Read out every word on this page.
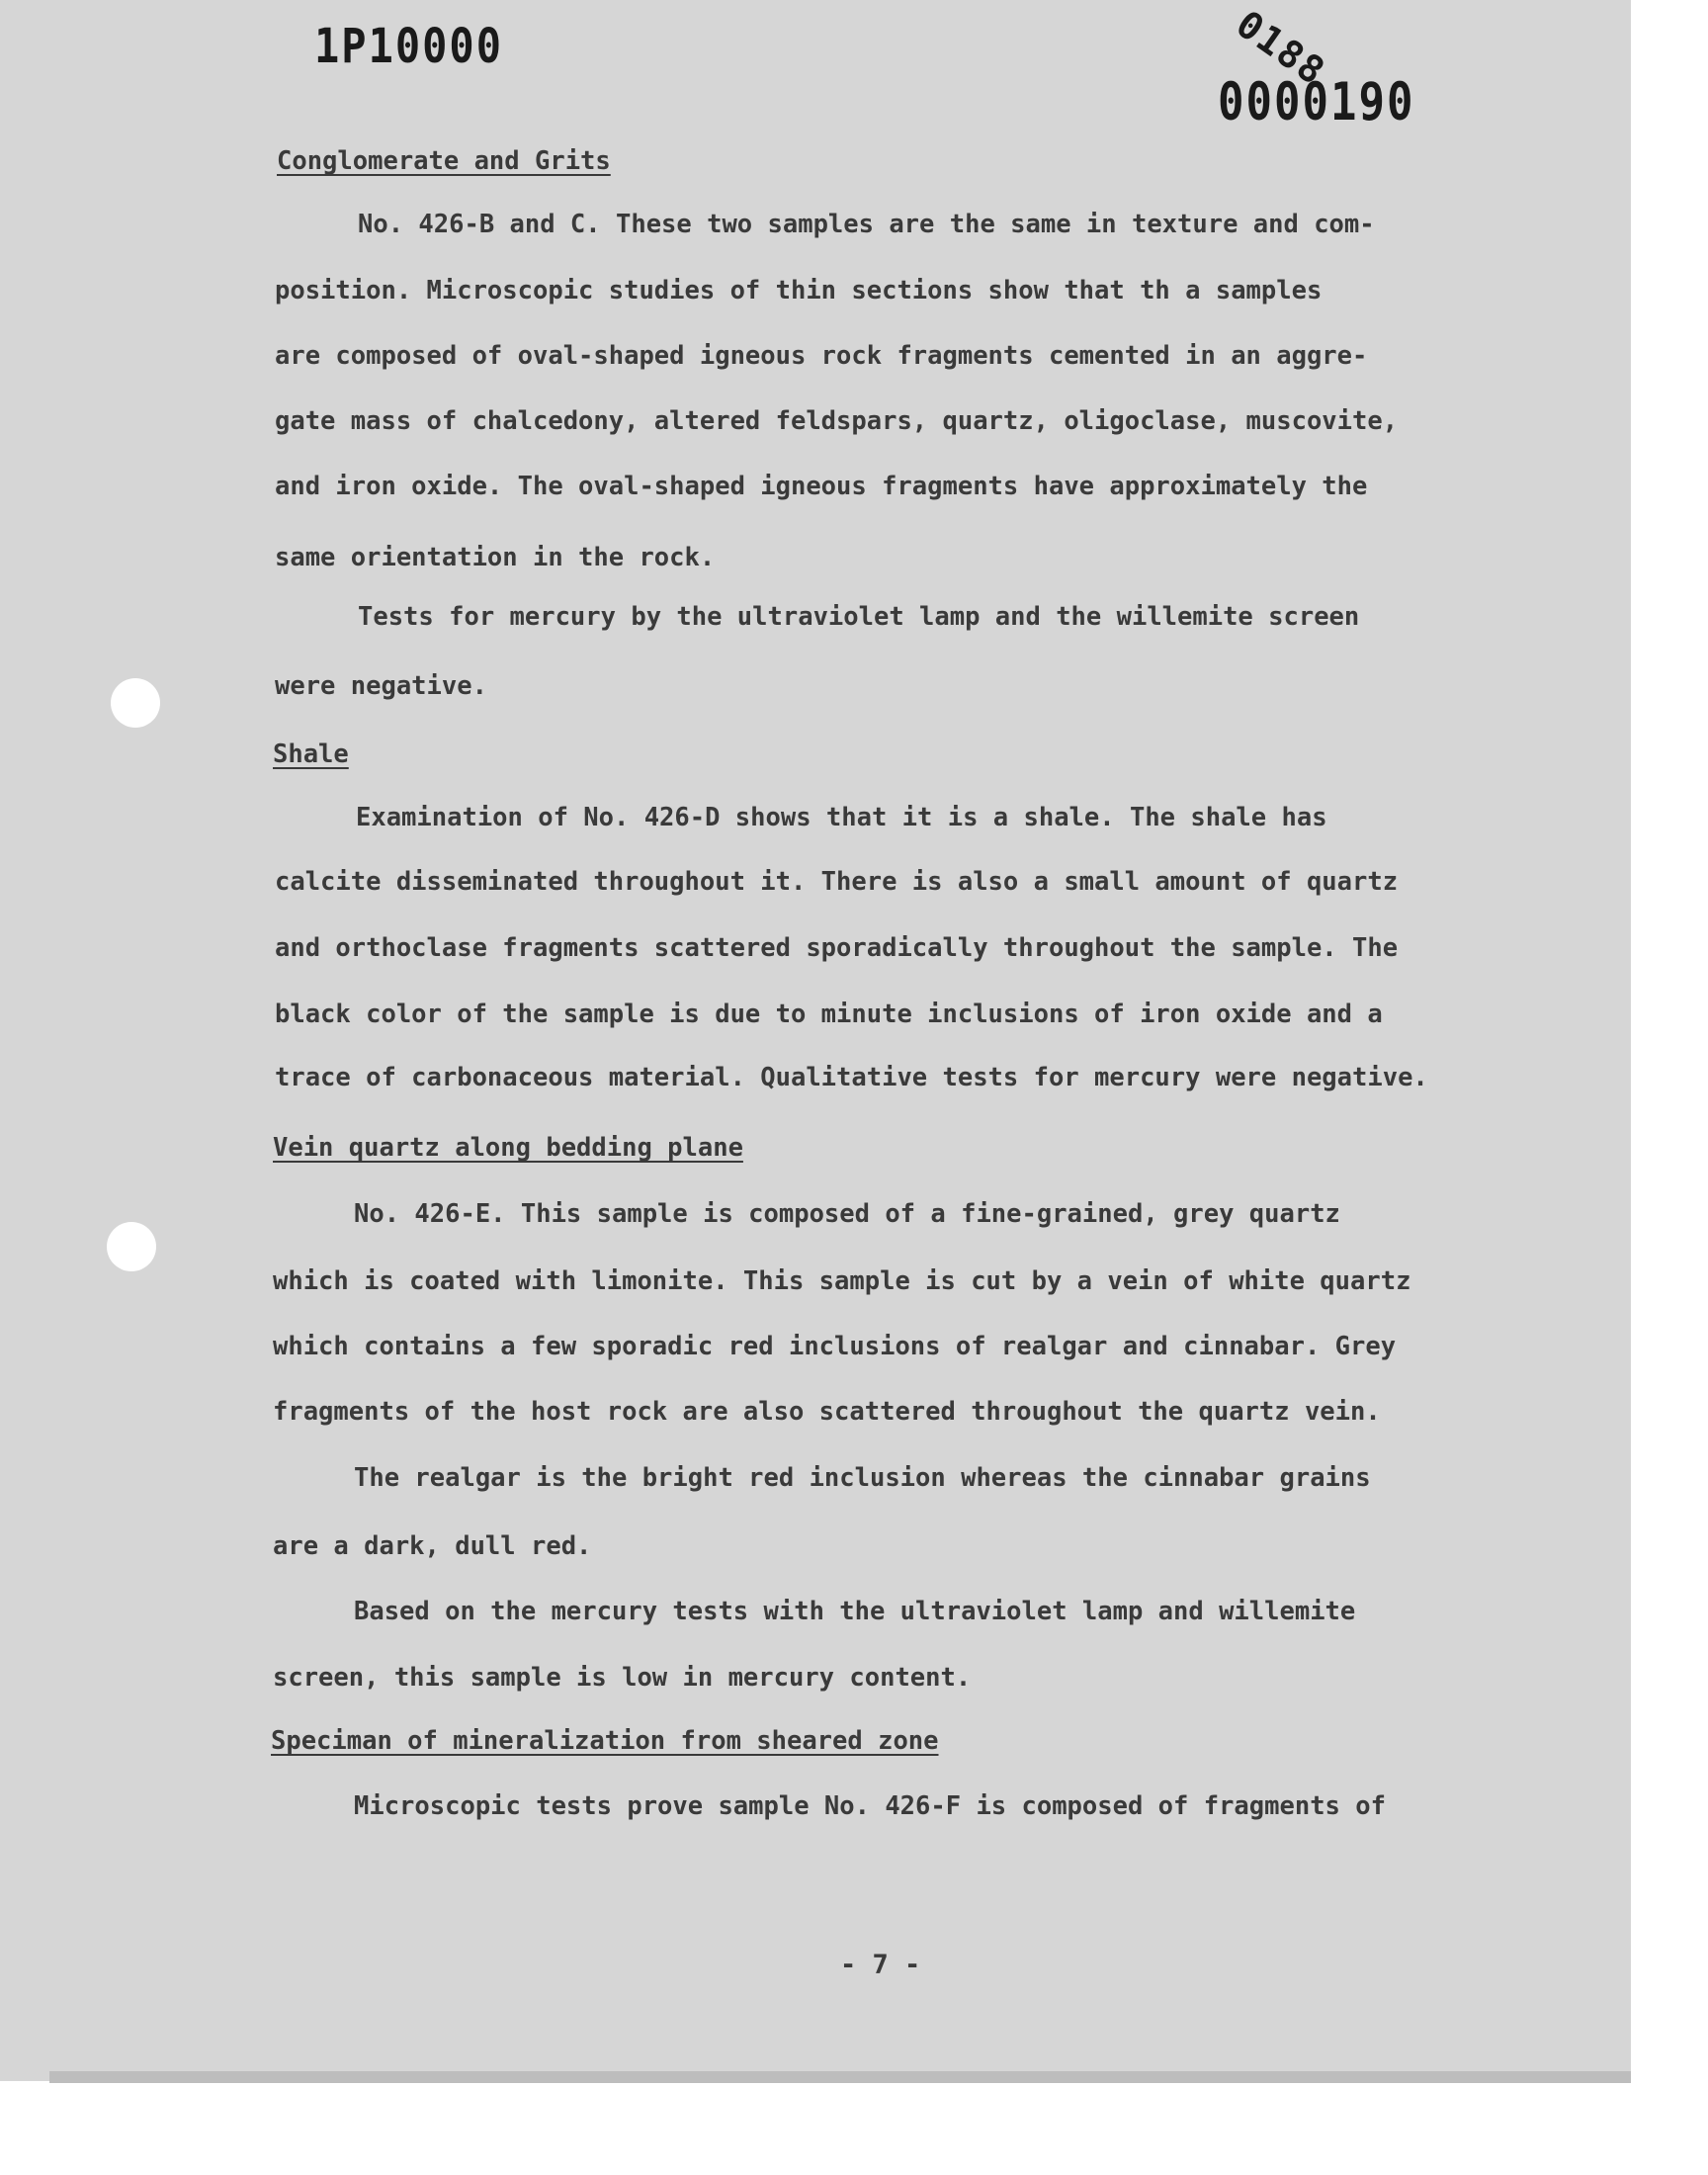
1P10000	0188
0000190
Conglomerate and Grits
No. 426-B and C. These two samples are the same in texture and com-
position. Microscopic studies of thin sections show that th a samples
are composed of oval-shaped igneous rock fragments cemented in an aggre-
gate mass of chalcedony, altered feldspars, quartz, oligoclase, muscovite,
and iron oxide. The oval-shaped igneous fragments have approximately the
same orientation in the rock.
Tests for mercury by the ultraviolet lamp and the willemite screen
were negative.
Shale
Examination of No. 426-D shows that it is a shale. The shale has
calcite disseminated throughout it. There is also a small amount of quartz
and orthoclase fragments scattered sporadically throughout the sample. The
black color of the sample is due to minute inclusions of iron oxide and a
trace of carbonaceous material. Qualitative tests for mercury were negative.
Vein quartz along bedding plane
No. 426-E. This sample is composed of a fine-grained, grey quartz
which is coated with limonite. This sample is cut by a vein of white quartz
which contains a few sporadic red inclusions of realgar and cinnabar. Grey
fragments of the host rock are also scattered throughout the quartz vein.
The realgar is the bright red inclusion whereas the cinnabar grains
are a dark, dull red.
Based on the mercury tests with the ultraviolet lamp and willemite
screen, this sample is low in mercury content.
Speciman of mineralization from sheared zone
Microscopic tests prove sample No. 426-F is composed of fragments of
- 7 -
